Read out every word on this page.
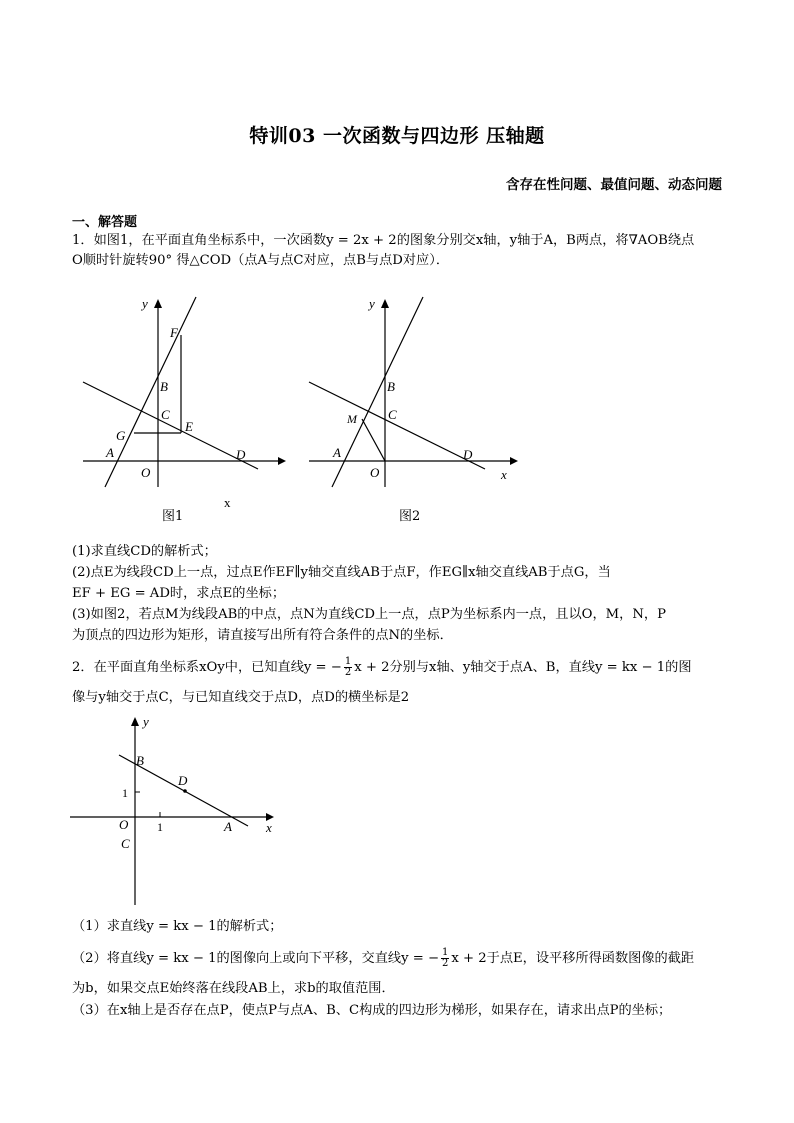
特训03 一次函数与四边形 压轴题
含存在性问题、最值问题、动态问题
一、解答题
1．如图1，在平面直角坐标系中，一次函数y = 2x + 2的图象分别交x轴，y轴于A，B两点，将∇AOB绕点
O顺时针旋转90° 得△COD（点A与点C对应，点B与点D对应）．
x
y
O
A
B
C
D
E
F
G
图1
x
y
O
A
B
C
D
M
图2
(1)求直线CD的解析式；
(2)点E为线段CD上一点，过点E作EF∥y轴交直线AB于点F，作EG∥x轴交直线AB于点G，当
EF + EG = AD时，求点E的坐标；
(3)如图2，若点M为线段AB的中点，点N为直线CD上一点，点P为坐标系内一点，且以O，M，N，P
为顶点的四边形为矩形，请直接写出所有符合条件的点N的坐标．
2．在平面直角坐标系xOy中，已知直线y = − $\frac{1}{2}$ x + 2分别与x轴、y轴交于点A、B，直线y = kx − 1的图
像与y轴交于点C，与已知直线交于点D，点D的横坐标是2
x
y
O	A
B
C
D
1
1
（1）求直线y = kx − 1的解析式；
（2）将直线y = kx − 1的图像向上或向下平移，交直线y = − $\frac{1}{2}$ x + 2于点E，设平移所得函数图像的截距
为b，如果交点E始终落在线段AB上，求b的取值范围．
（3）在x轴上是否存在点P，使点P与点A、B、C构成的四边形为梯形，如果存在，请求出点P的坐标；
